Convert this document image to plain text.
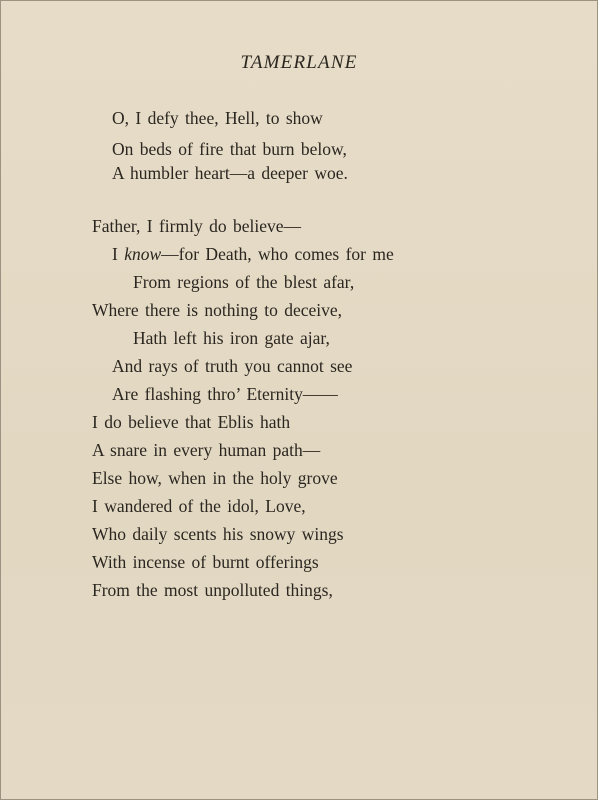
TAMERLANE
O, I defy thee, Hell, to show
On beds of fire that burn below,
A humbler heart—a deeper woe.
Father, I firmly do believe—
I know—for Death, who comes for me
From regions of the blest afar,
Where there is nothing to deceive,
Hath left his iron gate ajar,
And rays of truth you cannot see
Are flashing thro’ Eternity——
I do believe that Eblis hath
A snare in every human path—
Else how, when in the holy grove
I wandered of the idol, Love,
Who daily scents his snowy wings
With incense of burnt offerings
From the most unpolluted things,
